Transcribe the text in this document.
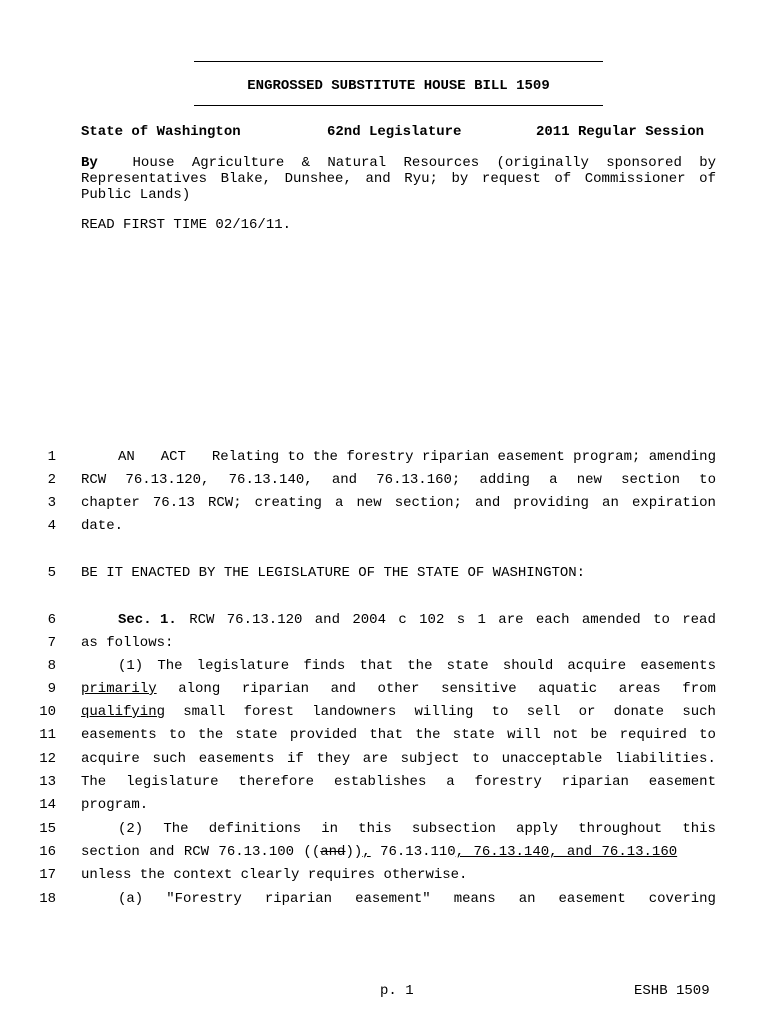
ENGROSSED SUBSTITUTE HOUSE BILL 1509
State of Washington	62nd Legislature	2011 Regular Session
By House Agriculture & Natural Resources (originally sponsored by Representatives Blake, Dunshee, and Ryu; by request of Commissioner of Public Lands)
READ FIRST TIME 02/16/11.
1
2
3
4
5
6
7
8
9
10
11
12
13
14
15
16
17
18
AN ACT Relating to the forestry riparian easement program; amending
RCW 76.13.120, 76.13.140, and 76.13.160; adding a new section to
chapter 76.13 RCW; creating a new section; and providing an expiration
date.
BE IT ENACTED BY THE LEGISLATURE OF THE STATE OF WASHINGTON:
Sec. 1. RCW 76.13.120 and 2004 c 102 s 1 are each amended to read
as follows:
(1) The legislature finds that the state should acquire easements
primarily along riparian and other sensitive aquatic areas from
qualifying small forest landowners willing to sell or donate such
easements to the state provided that the state will not be required to
acquire such easements if they are subject to unacceptable liabilities.
The legislature therefore establishes a forestry riparian easement
program.
(2) The definitions in this subsection apply throughout this
section and RCW 76.13.100 ((and)), 76.13.110, 76.13.140, and 76.13.160
unless the context clearly requires otherwise.
(a) "Forestry riparian easement" means an easement covering
p. 1	ESHB 1509
